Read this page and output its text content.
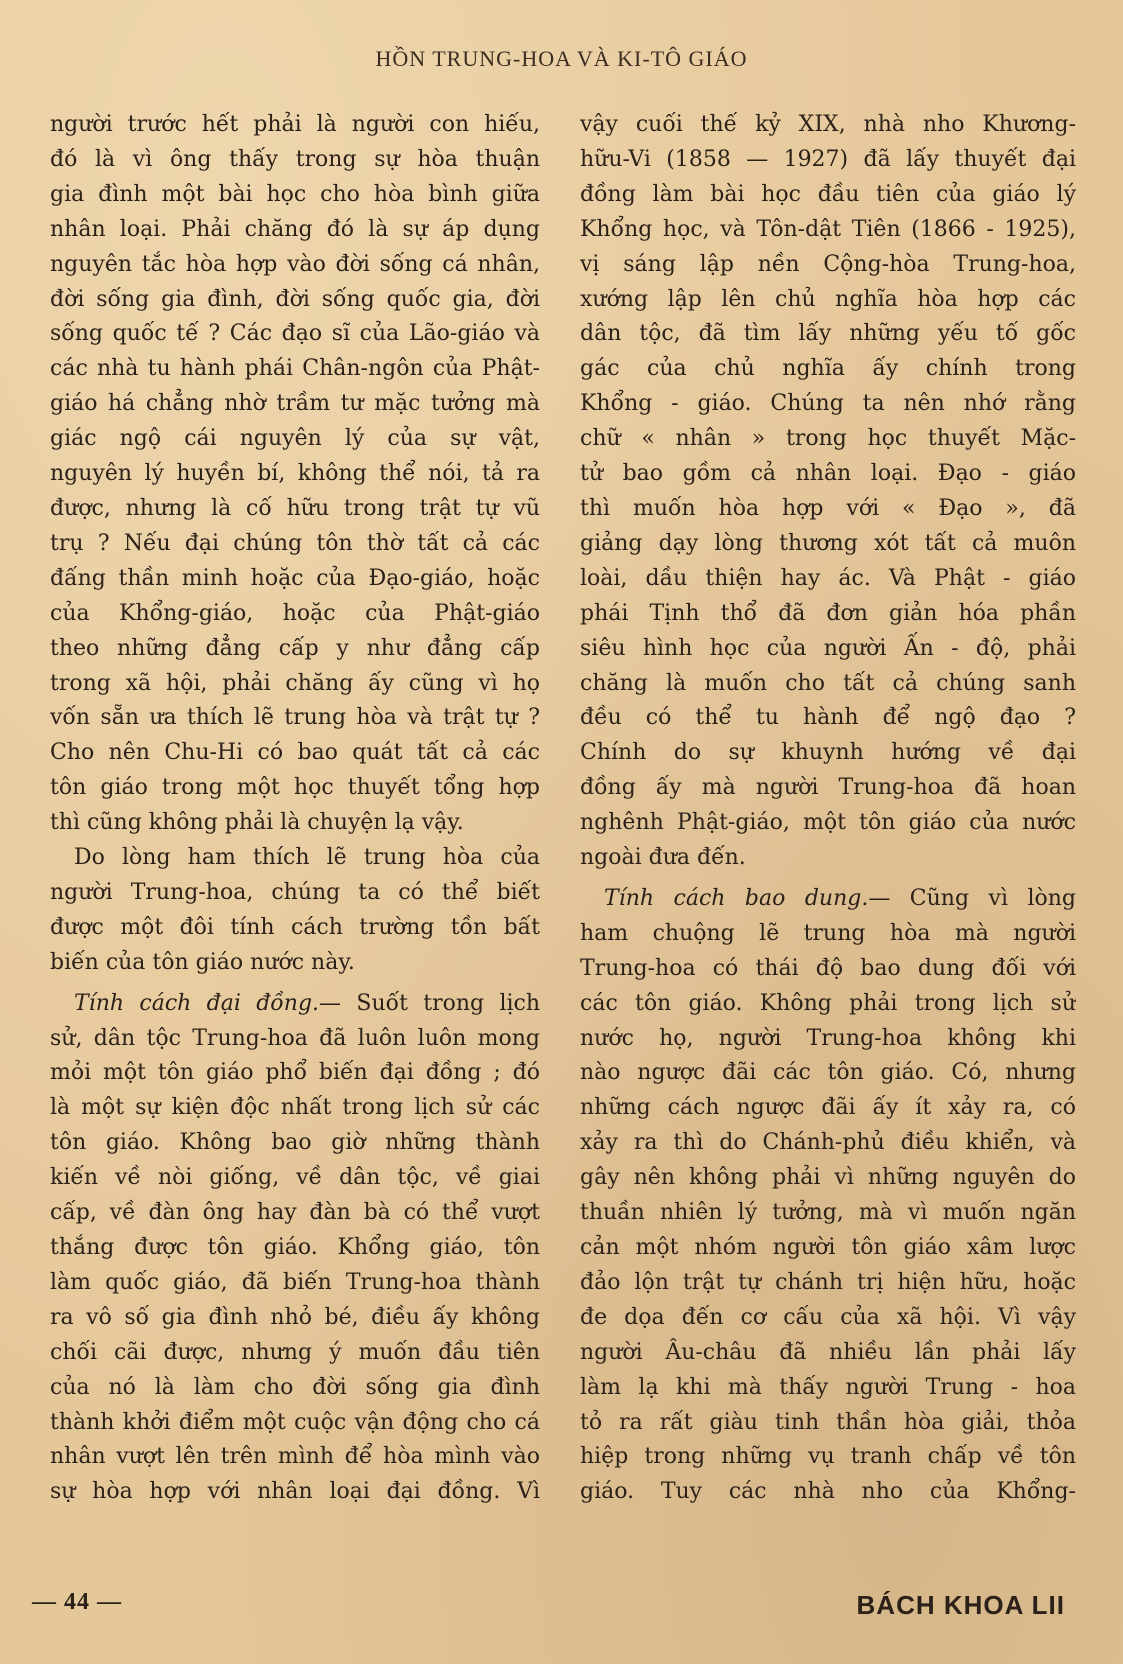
HỒN TRUNG-HOA VÀ KI-TÔ GIÁO
người trước hết phải là người con hiếu,
đó là vì ông thấy trong sự hòa thuận
gia đình một bài học cho hòa bình giữa
nhân loại. Phải chăng đó là sự áp dụng
nguyên tắc hòa hợp vào đời sống cá nhân,
đời sống gia đình, đời sống quốc gia, đời
sống quốc tế ? Các đạo sĩ của Lão-giáo và
các nhà tu hành phái Chân-ngôn của Phật-
giáo há chẳng nhờ trầm tư mặc tưởng mà
giác ngộ cái nguyên lý của sự vật,
nguyên lý huyền bí, không thể nói, tả ra
được, nhưng là cố hữu trong trật tự vũ
trụ ? Nếu đại chúng tôn thờ tất cả các
đấng thần minh hoặc của Đạo-giáo, hoặc
của Khổng-giáo, hoặc của Phật-giáo
theo những đẳng cấp y như đẳng cấp
trong xã hội, phải chăng ấy cũng vì họ
vốn sẵn ưa thích lẽ trung hòa và trật tự ?
Cho nên Chu-Hi có bao quát tất cả các
tôn giáo trong một học thuyết tổng hợp
thì cũng không phải là chuyện lạ vậy.
Do lòng ham thích lẽ trung hòa của
người Trung-hoa, chúng ta có thể biết
được một đôi tính cách trường tồn bất
biến của tôn giáo nước này.
Tính cách đại đồng.— Suốt trong lịch
sử, dân tộc Trung-hoa đã luôn luôn mong
mỏi một tôn giáo phổ biến đại đồng ; đó
là một sự kiện độc nhất trong lịch sử các
tôn giáo. Không bao giờ những thành
kiến về nòi giống, về dân tộc, về giai
cấp, về đàn ông hay đàn bà có thể vượt
thắng được tôn giáo. Khổng giáo, tôn
làm quốc giáo, đã biến Trung-hoa thành
ra vô số gia đình nhỏ bé, điều ấy không
chối cãi được, nhưng ý muốn đầu tiên
của nó là làm cho đời sống gia đình
thành khởi điểm một cuộc vận động cho cá
nhân vượt lên trên mình để hòa mình vào
sự hòa hợp với nhân loại đại đồng. Vì
vậy cuối thế kỷ XIX, nhà nho Khương-
hữu-Vi (1858 — 1927) đã lấy thuyết đại
đồng làm bài học đầu tiên của giáo lý
Khổng học, và Tôn-dật Tiên (1866 - 1925),
vị sáng lập nền Cộng-hòa Trung-hoa,
xướng lập lên chủ nghĩa hòa hợp các
dân tộc, đã tìm lấy những yếu tố gốc
gác của chủ nghĩa ấy chính trong
Khổng - giáo. Chúng ta nên nhớ rằng
chữ « nhân » trong học thuyết Mặc-
tử bao gồm cả nhân loại. Đạo - giáo
thì muốn hòa hợp với « Đạo », đã
giảng dạy lòng thương xót tất cả muôn
loài, dầu thiện hay ác. Và Phật - giáo
phái Tịnh thổ đã đơn giản hóa phần
siêu hình học của người Ấn - độ, phải
chăng là muốn cho tất cả chúng sanh
đều có thể tu hành để ngộ đạo ?
Chính do sự khuynh hướng về đại
đồng ấy mà người Trung-hoa đã hoan
nghênh Phật-giáo, một tôn giáo của nước
ngoài đưa đến.
Tính cách bao dung.— Cũng vì lòng
ham chuộng lẽ trung hòa mà người
Trung-hoa có thái độ bao dung đối với
các tôn giáo. Không phải trong lịch sử
nước họ, người Trung-hoa không khi
nào ngược đãi các tôn giáo. Có, nhưng
những cách ngược đãi ấy ít xảy ra, có
xảy ra thì do Chánh-phủ điều khiển, và
gây nên không phải vì những nguyên do
thuần nhiên lý tưởng, mà vì muốn ngăn
cản một nhóm người tôn giáo xâm lược
đảo lộn trật tự chánh trị hiện hữu, hoặc
đe dọa đến cơ cấu của xã hội. Vì vậy
người Âu-châu đã nhiều lần phải lấy
làm lạ khi mà thấy người Trung - hoa
tỏ ra rất giàu tinh thần hòa giải, thỏa
hiệp trong những vụ tranh chấp về tôn
giáo. Tuy các nhà nho của Khổng-
— 44 —	BÁCH KHOA LII
